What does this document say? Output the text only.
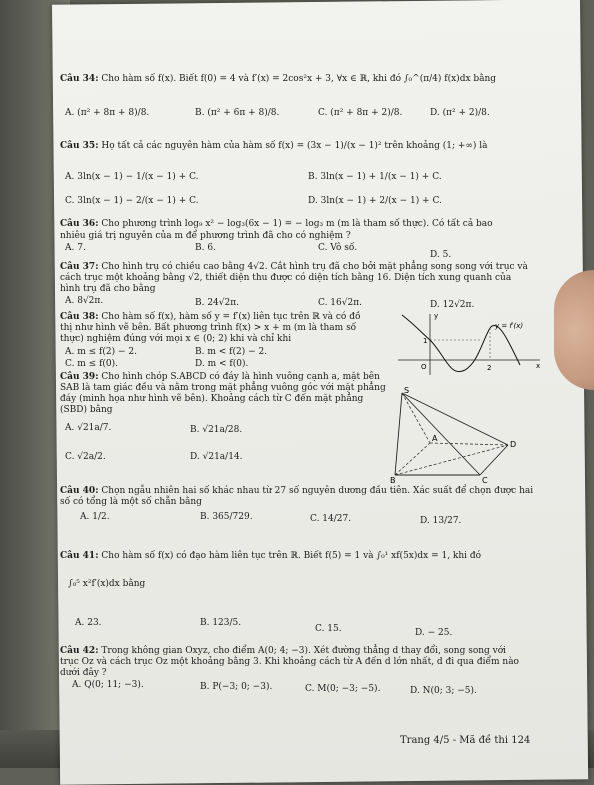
Câu 34: Cho hàm số f(x). Biết f(0) = 4 và f′(x) = 2cos²x + 3, ∀x ∈ ℝ, khi đó ∫₀^(π/4) f(x)dx bằng
A. (π² + 8π + 8)/8.	B. (π² + 6π + 8)/8.	C. (π² + 8π + 2)/8.	D. (π² + 2)/8.
Câu 35: Họ tất cả các nguyên hàm của hàm số f(x) = (3x − 1)/(x − 1)² trên khoảng (1; +∞) là
A. 3ln(x − 1) − 1/(x − 1) + C.	B. 3ln(x − 1) + 1/(x − 1) + C.
C. 3ln(x − 1) − 2/(x − 1) + C.	D. 3ln(x − 1) + 2/(x − 1) + C.
Câu 36: Cho phương trình log₉ x² − log₃(6x − 1) = − log₃ m (m là tham số thực). Có tất cả bao
nhiêu giá trị nguyên của m để phương trình đã cho có nghiệm ?
A. 7.	B. 6.	C. Vô số.
D. 5.
Câu 37: Cho hình trụ có chiều cao bằng 4√2. Cắt hình trụ đã cho bởi mặt phẳng song song với trục và
cách trục một khoảng bằng √2, thiết diện thu được có diện tích bằng 16. Diện tích xung quanh của
hình trụ đã cho bằng
A. 8√2π.	B. 24√2π.	C. 16√2π.	D. 12√2π.
Câu 38: Cho hàm số f(x), hàm số y = f′(x) liên tục trên ℝ và có đồ
thị như hình vẽ bên. Bất phương trình f(x) > x + m (m là tham số
thực) nghiệm đúng với mọi x ∈ (0; 2) khi và chỉ khi
A. m ≤ f(2) − 2.	B. m < f(2) − 2.
C. m ≤ f(0).	D. m < f(0).
y
x
y = f′(x)
O	2
1
Câu 39: Cho hình chóp S.ABCD có đáy là hình vuông cạnh a, mặt bên
SAB là tam giác đều và nằm trong mặt phẳng vuông góc với mặt phẳng
đáy (minh họa như hình vẽ bên). Khoảng cách từ C đến mặt phẳng
(SBD) bằng
A. √21a/7.	B. √21a/28.
C. √2a/2.	D. √21a/14.
S
A
B	C
D
Câu 40: Chọn ngẫu nhiên hai số khác nhau từ 27 số nguyên dương đầu tiên. Xác suất để chọn được hai
số có tổng là một số chẵn bằng
A. 1/2.	B. 365/729.	C. 14/27.	D. 13/27.
Câu 41: Cho hàm số f(x) có đạo hàm liên tục trên ℝ. Biết f(5) = 1 và ∫₀¹ xf(5x)dx = 1, khi đó
∫₀⁵ x²f′(x)dx bằng
A. 23.	B. 123/5.
C. 15.	D. − 25.
Câu 42: Trong không gian Oxyz, cho điểm A(0; 4; −3). Xét đường thẳng d thay đổi, song song với
trục Oz và cách trục Oz một khoảng bằng 3. Khi khoảng cách từ A đến d lớn nhất, d đi qua điểm nào
dưới đây ?
A. Q(0; 11; −3).	B. P(−3; 0; −3).	C. M(0; −3; −5).	D. N(0; 3; −5).
Trang 4/5 - Mã đề thi 124
